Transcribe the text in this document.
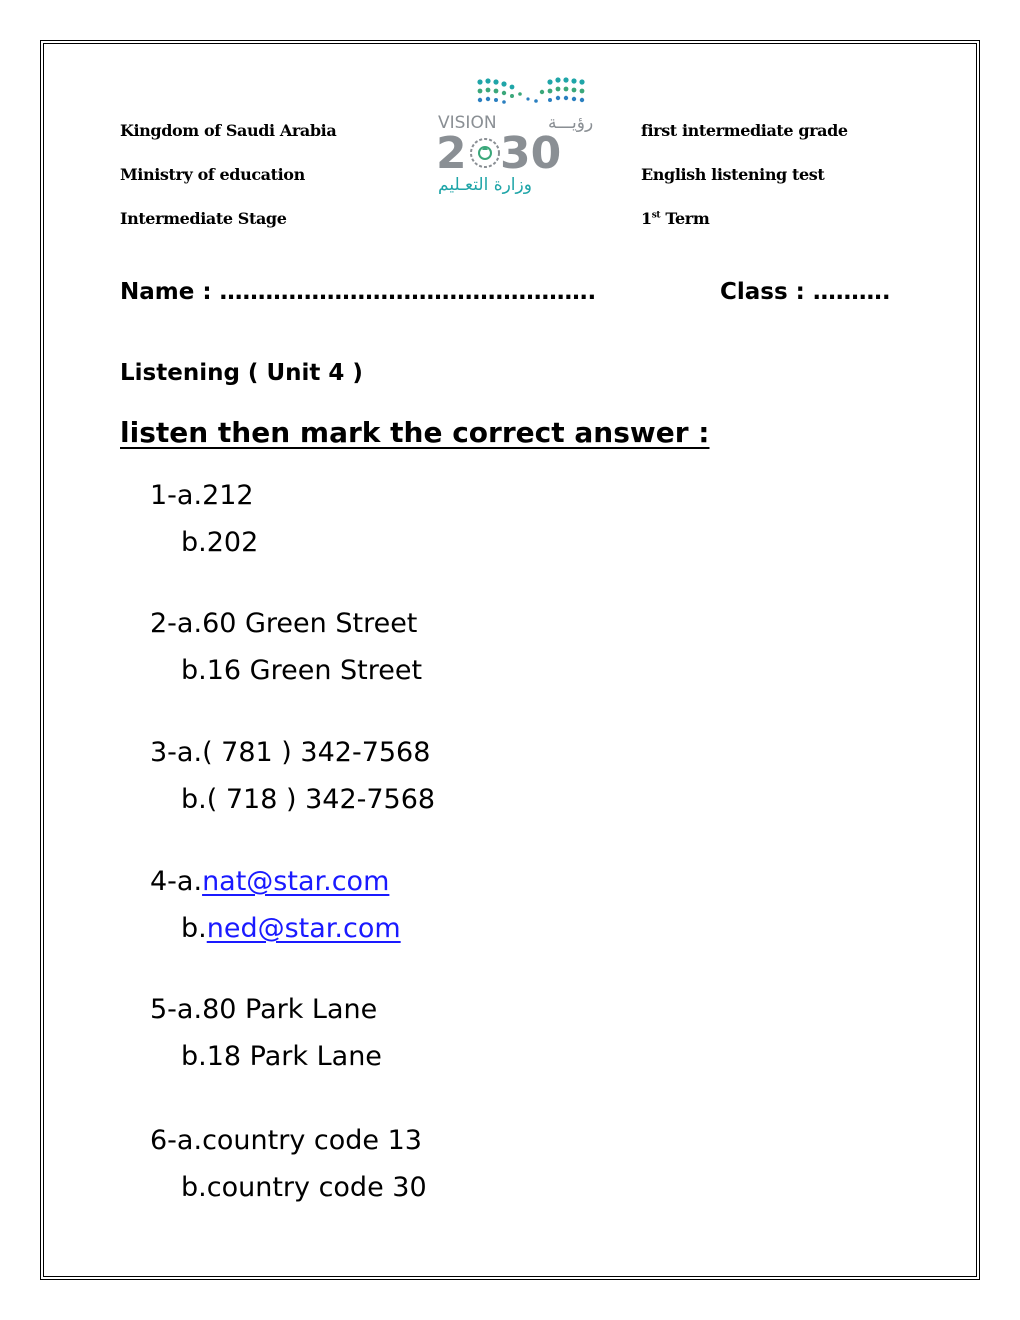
Kingdom of Saudi Arabia
Ministry of education
Intermediate Stage
first intermediate grade
English listening test
1st Term
VISION	رؤيـــة
2 30
وزارة التعـليم
Name : ………………………………………….	Class : ……….
Listening ( Unit 4 )
listen then mark the correct answer :
1-a.212
b.202
2-a.60 Green Street
b.16 Green Street
3-a.( 781 ) 342-7568
b.( 718 ) 342-7568
4-a.nat@star.com
b.ned@star.com
5-a.80 Park Lane
b.18 Park Lane
6-a.country code 13
b.country code 30
